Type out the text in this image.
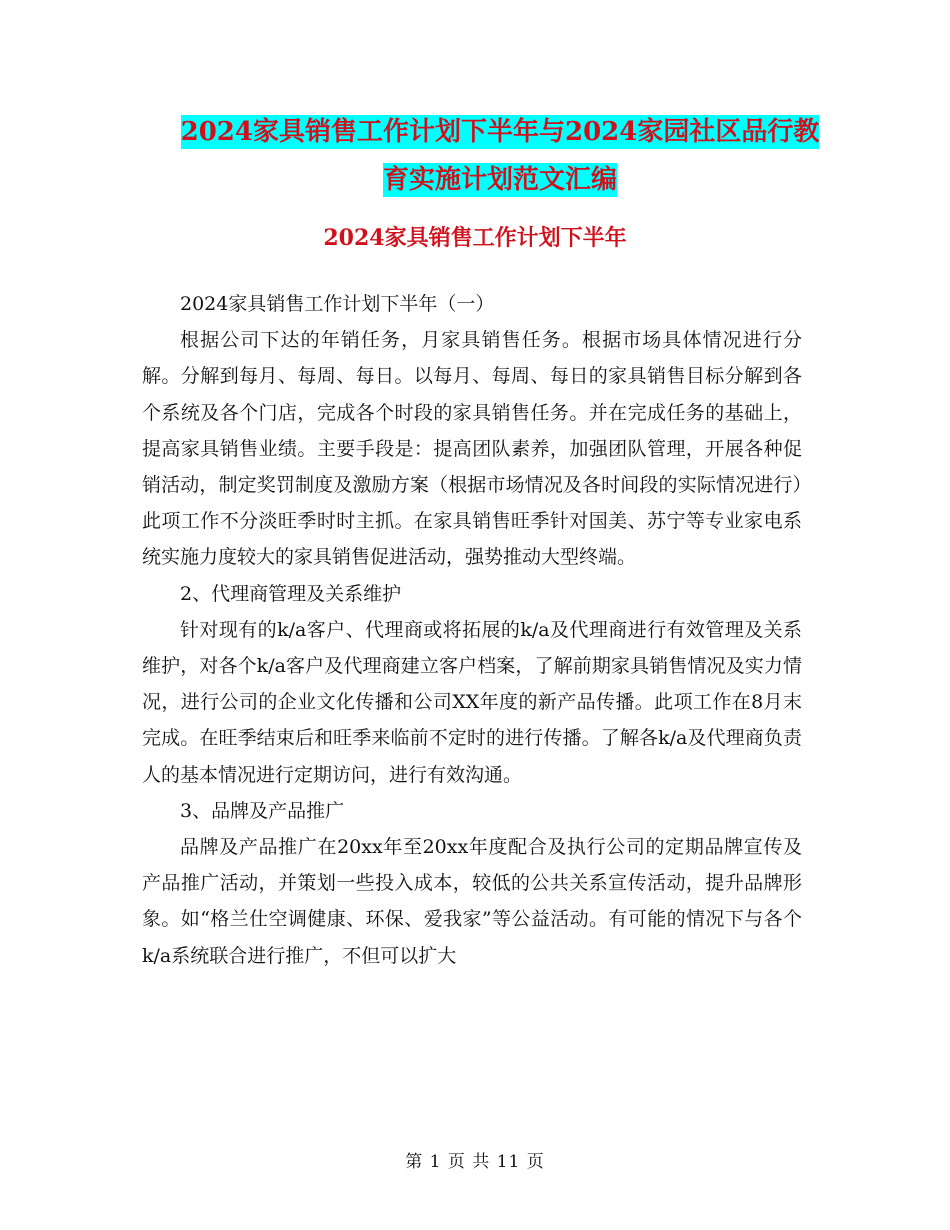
2024家具销售工作计划下半年与2024家园社区品行教
育实施计划范文汇编
2024家具销售工作计划下半年

2024家具销售工作计划下半年（一）

根据公司下达的年销任务，月家具销售任务。根据市场具体情况进行分解。分解到每月、每周、每日。以每月、每周、每日的家具销售目标分解到各个系统及各个门店，完成各个时段的家具销售任务。并在完成任务的基础上，提高家具销售业绩。主要手段是：提高团队素养，加强团队管理，开展各种促销活动，制定奖罚制度及激励方案（根据市场情况及各时间段的实际情况进行）此项工作不分淡旺季时时主抓。在家具销售旺季针对国美、苏宁等专业家电系统实施力度较大的家具销售促进活动，强势推动大型终端。

2、代理商管理及关系维护

针对现有的k/a客户、代理商或将拓展的k/a及代理商进行有效管理及关系维护，对各个k/a客户及代理商建立客户档案，了解前期家具销售情况及实力情况，进行公司的企业文化传播和公司XX年度的新产品传播。此项工作在8月末完成。在旺季结束后和旺季来临前不定时的进行传播。了解各k/a及代理商负责人的基本情况进行定期访问，进行有效沟通。

3、品牌及产品推广

品牌及产品推广在20xx年至20xx年度配合及执行公司的定期品牌宣传及产品推广活动，并策划一些投入成本，较低的公共关系宣传活动，提升品牌形象。如“格兰仕空调健康、环保、爱我家”等公益活动。有可能的情况下与各个k/a系统联合进行推广，不但可以扩大

第 1 页 共 11 页
